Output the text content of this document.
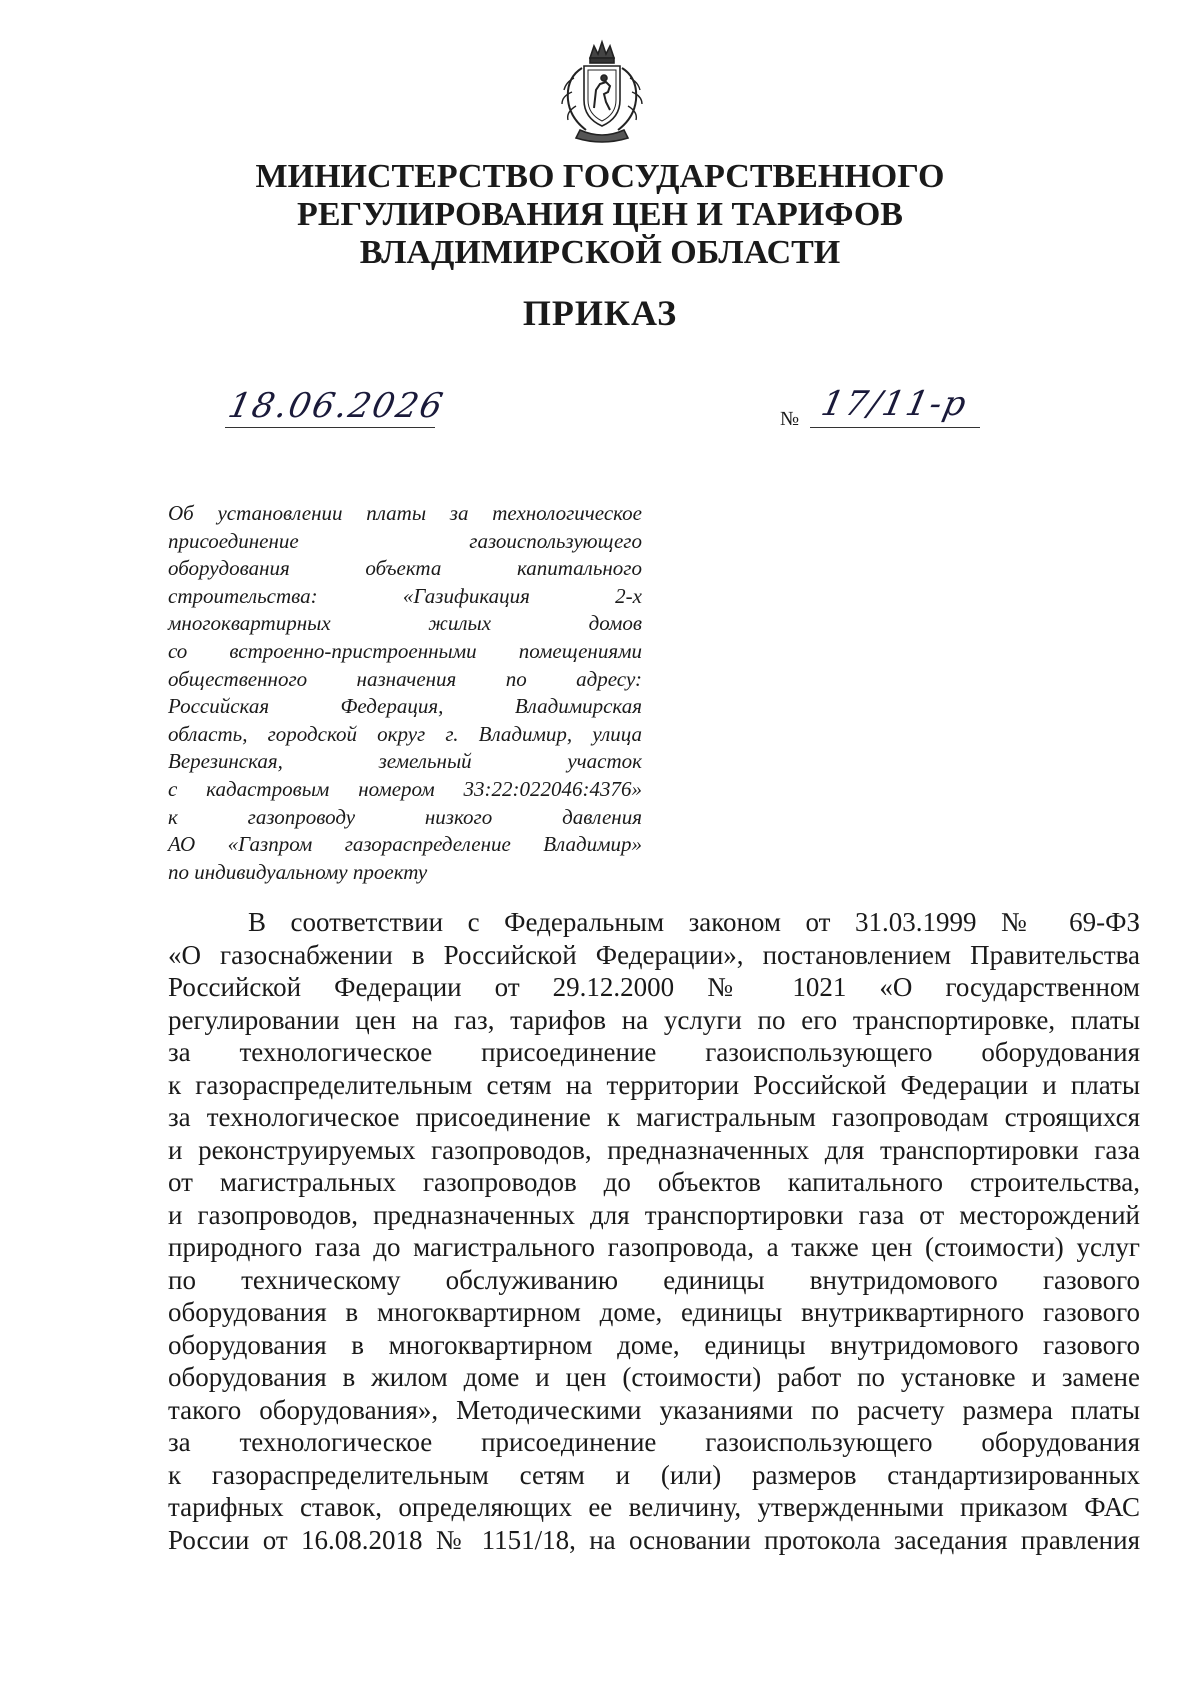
МИНИСТЕРСТВО ГОСУДАРСТВЕННОГО
РЕГУЛИРОВАНИЯ ЦЕН И ТАРИФОВ
ВЛАДИМИРСКОЙ ОБЛАСТИ
ПРИКАЗ
18.06.2026	№ 17/11-р
Об установлении платы за технологическое
присоединение газоиспользующего
оборудования объекта капитального
строительства: «Газификация 2-х
многоквартирных жилых домов
со встроенно-пристроенными помещениями
общественного назначения по адресу:
Российская Федерация, Владимирская
область, городской округ г. Владимир, улица
Верезинская, земельный участок
с кадастровым номером 33:22:022046:4376»
к газопроводу низкого давления
АО «Газпром газораспределение Владимир»
по индивидуальному проекту
В соответствии с Федеральным законом от 31.03.1999 № 69-ФЗ
«О газоснабжении в Российской Федерации», постановлением Правительства
Российской Федерации от 29.12.2000 № 1021 «О государственном
регулировании цен на газ, тарифов на услуги по его транспортировке, платы
за технологическое присоединение газоиспользующего оборудования
к газораспределительным сетям на территории Российской Федерации и платы
за технологическое присоединение к магистральным газопроводам строящихся
и реконструируемых газопроводов, предназначенных для транспортировки газа
от магистральных газопроводов до объектов капитального строительства,
и газопроводов, предназначенных для транспортировки газа от месторождений
природного газа до магистрального газопровода, а также цен (стоимости) услуг
по техническому обслуживанию единицы внутридомового газового
оборудования в многоквартирном доме, единицы внутриквартирного газового
оборудования в многоквартирном доме, единицы внутридомового газового
оборудования в жилом доме и цен (стоимости) работ по установке и замене
такого оборудования», Методическими указаниями по расчету размера платы
за технологическое присоединение газоиспользующего оборудования
к газораспределительным сетям и (или) размеров стандартизированных
тарифных ставок, определяющих ее величину, утвержденными приказом ФАС
России от 16.08.2018 № 1151/18, на основании протокола заседания правления
